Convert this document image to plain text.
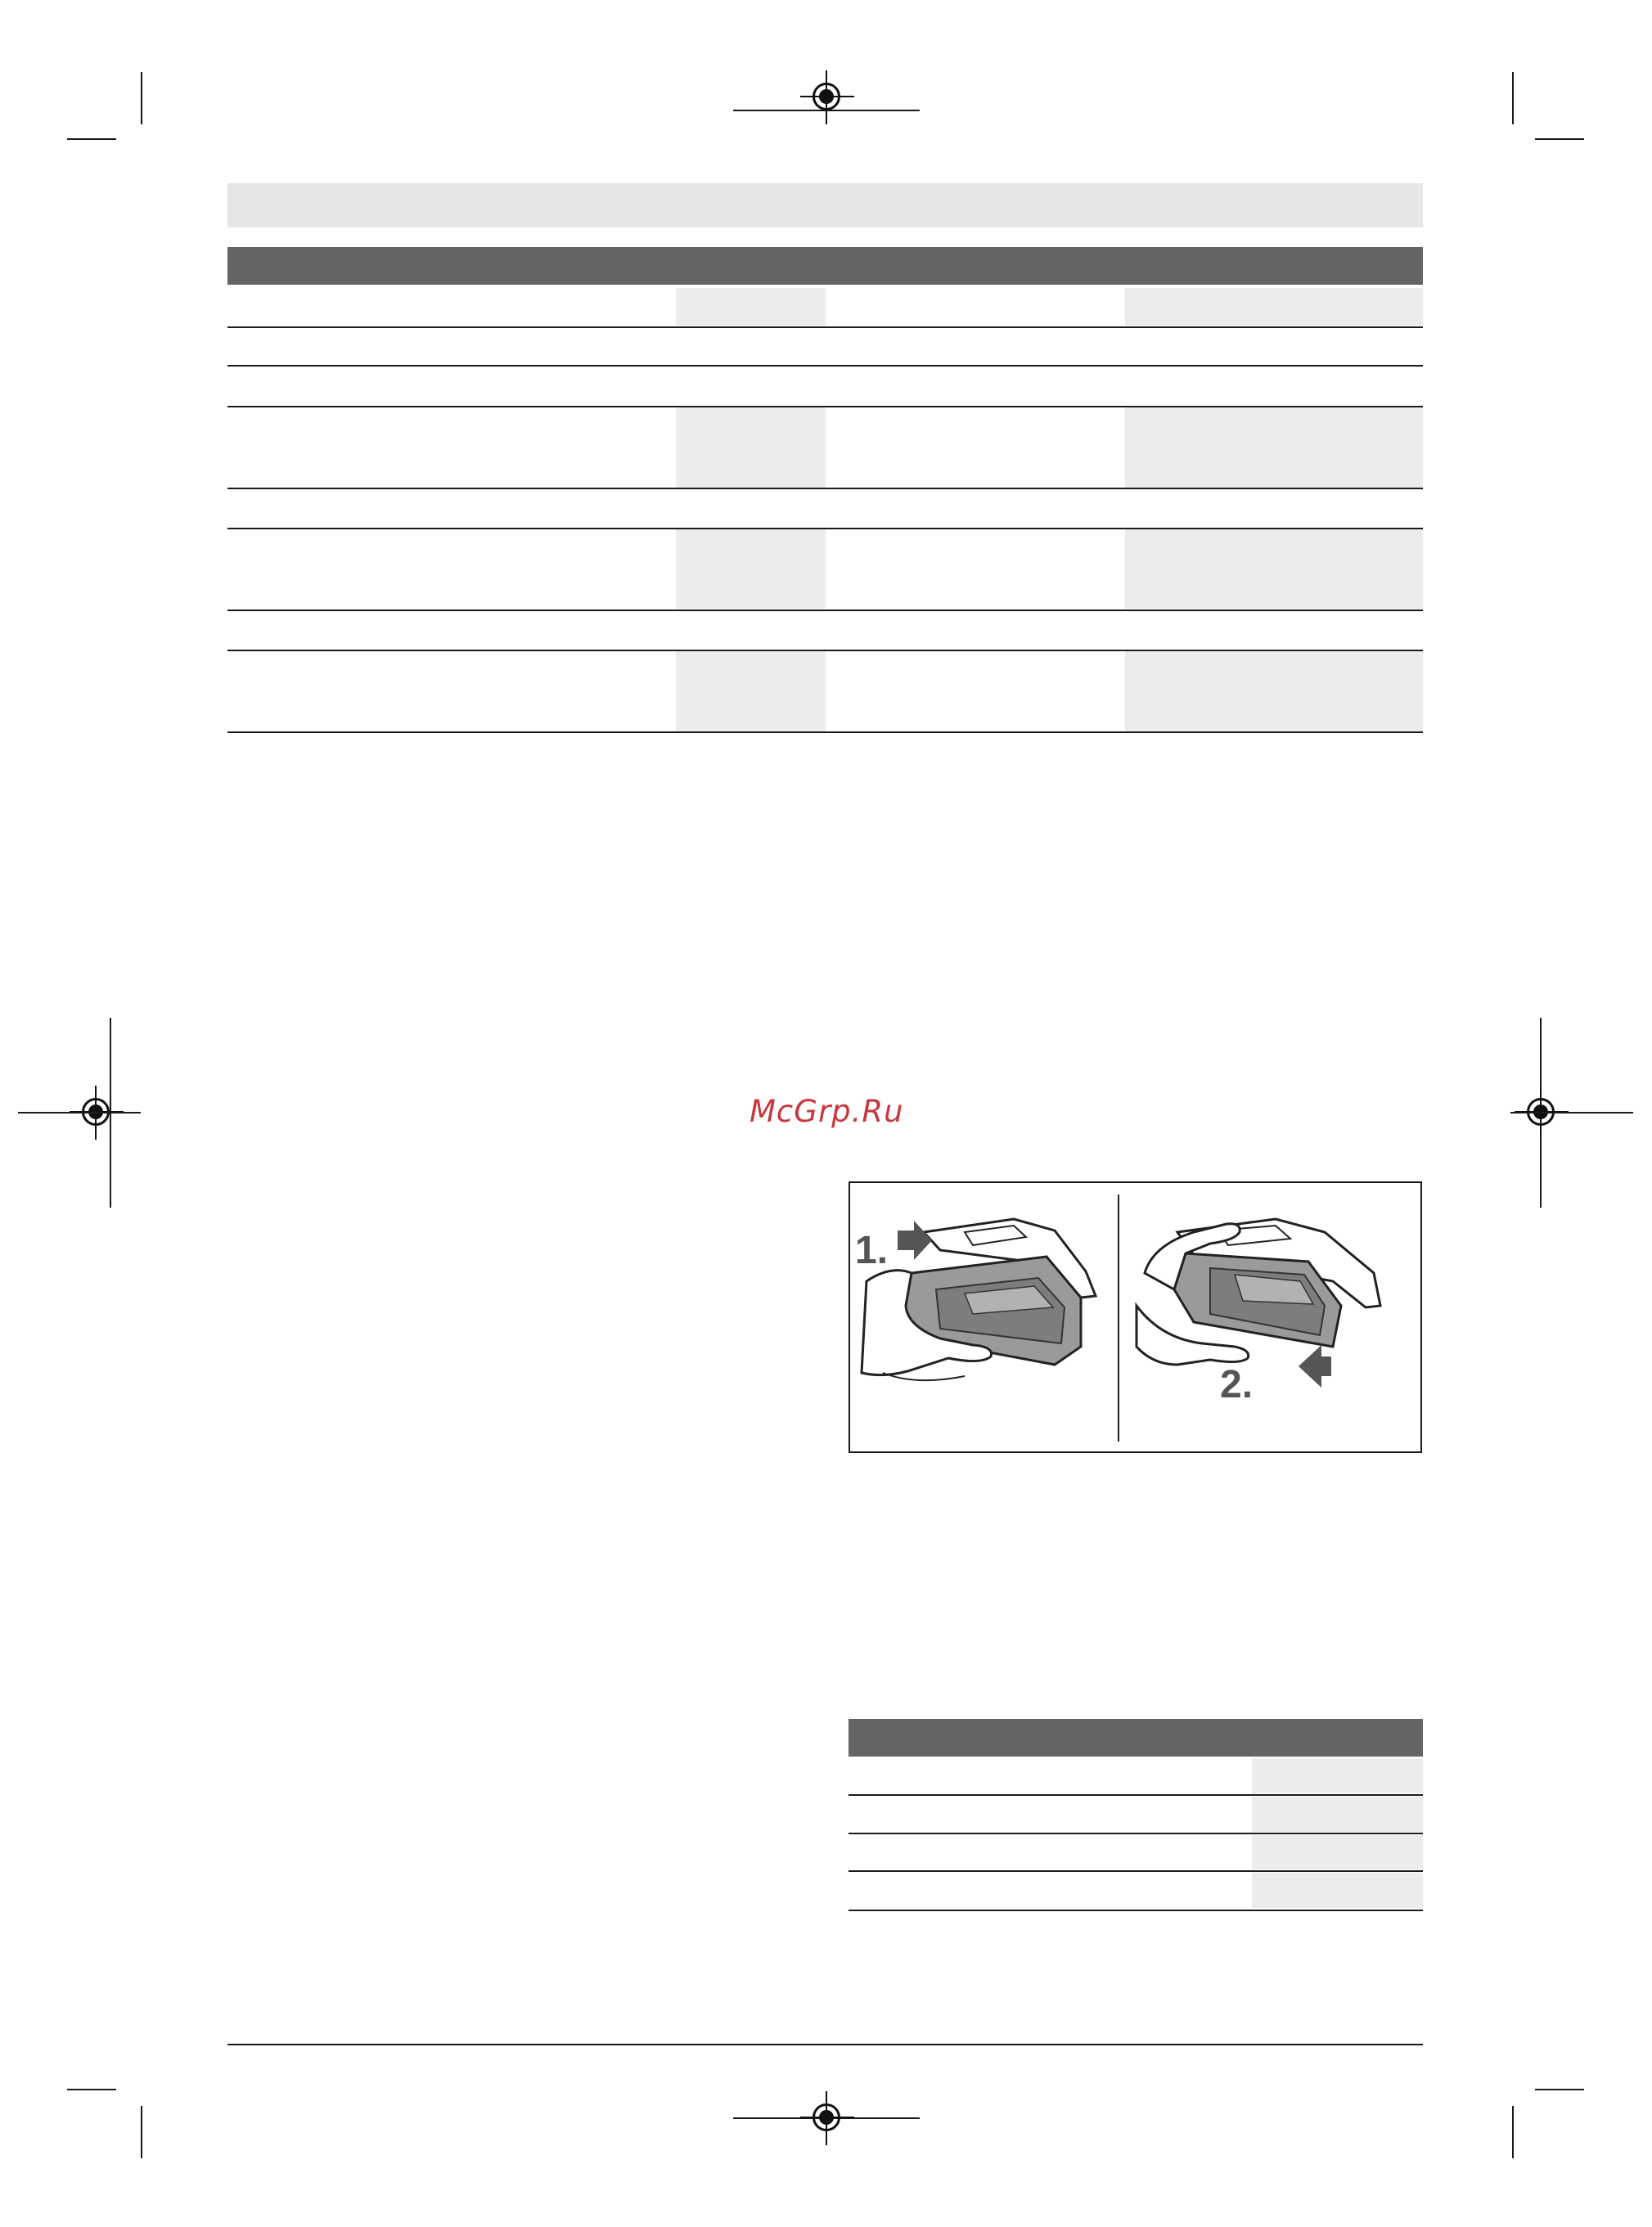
McGrp.Ru
1.
2.
